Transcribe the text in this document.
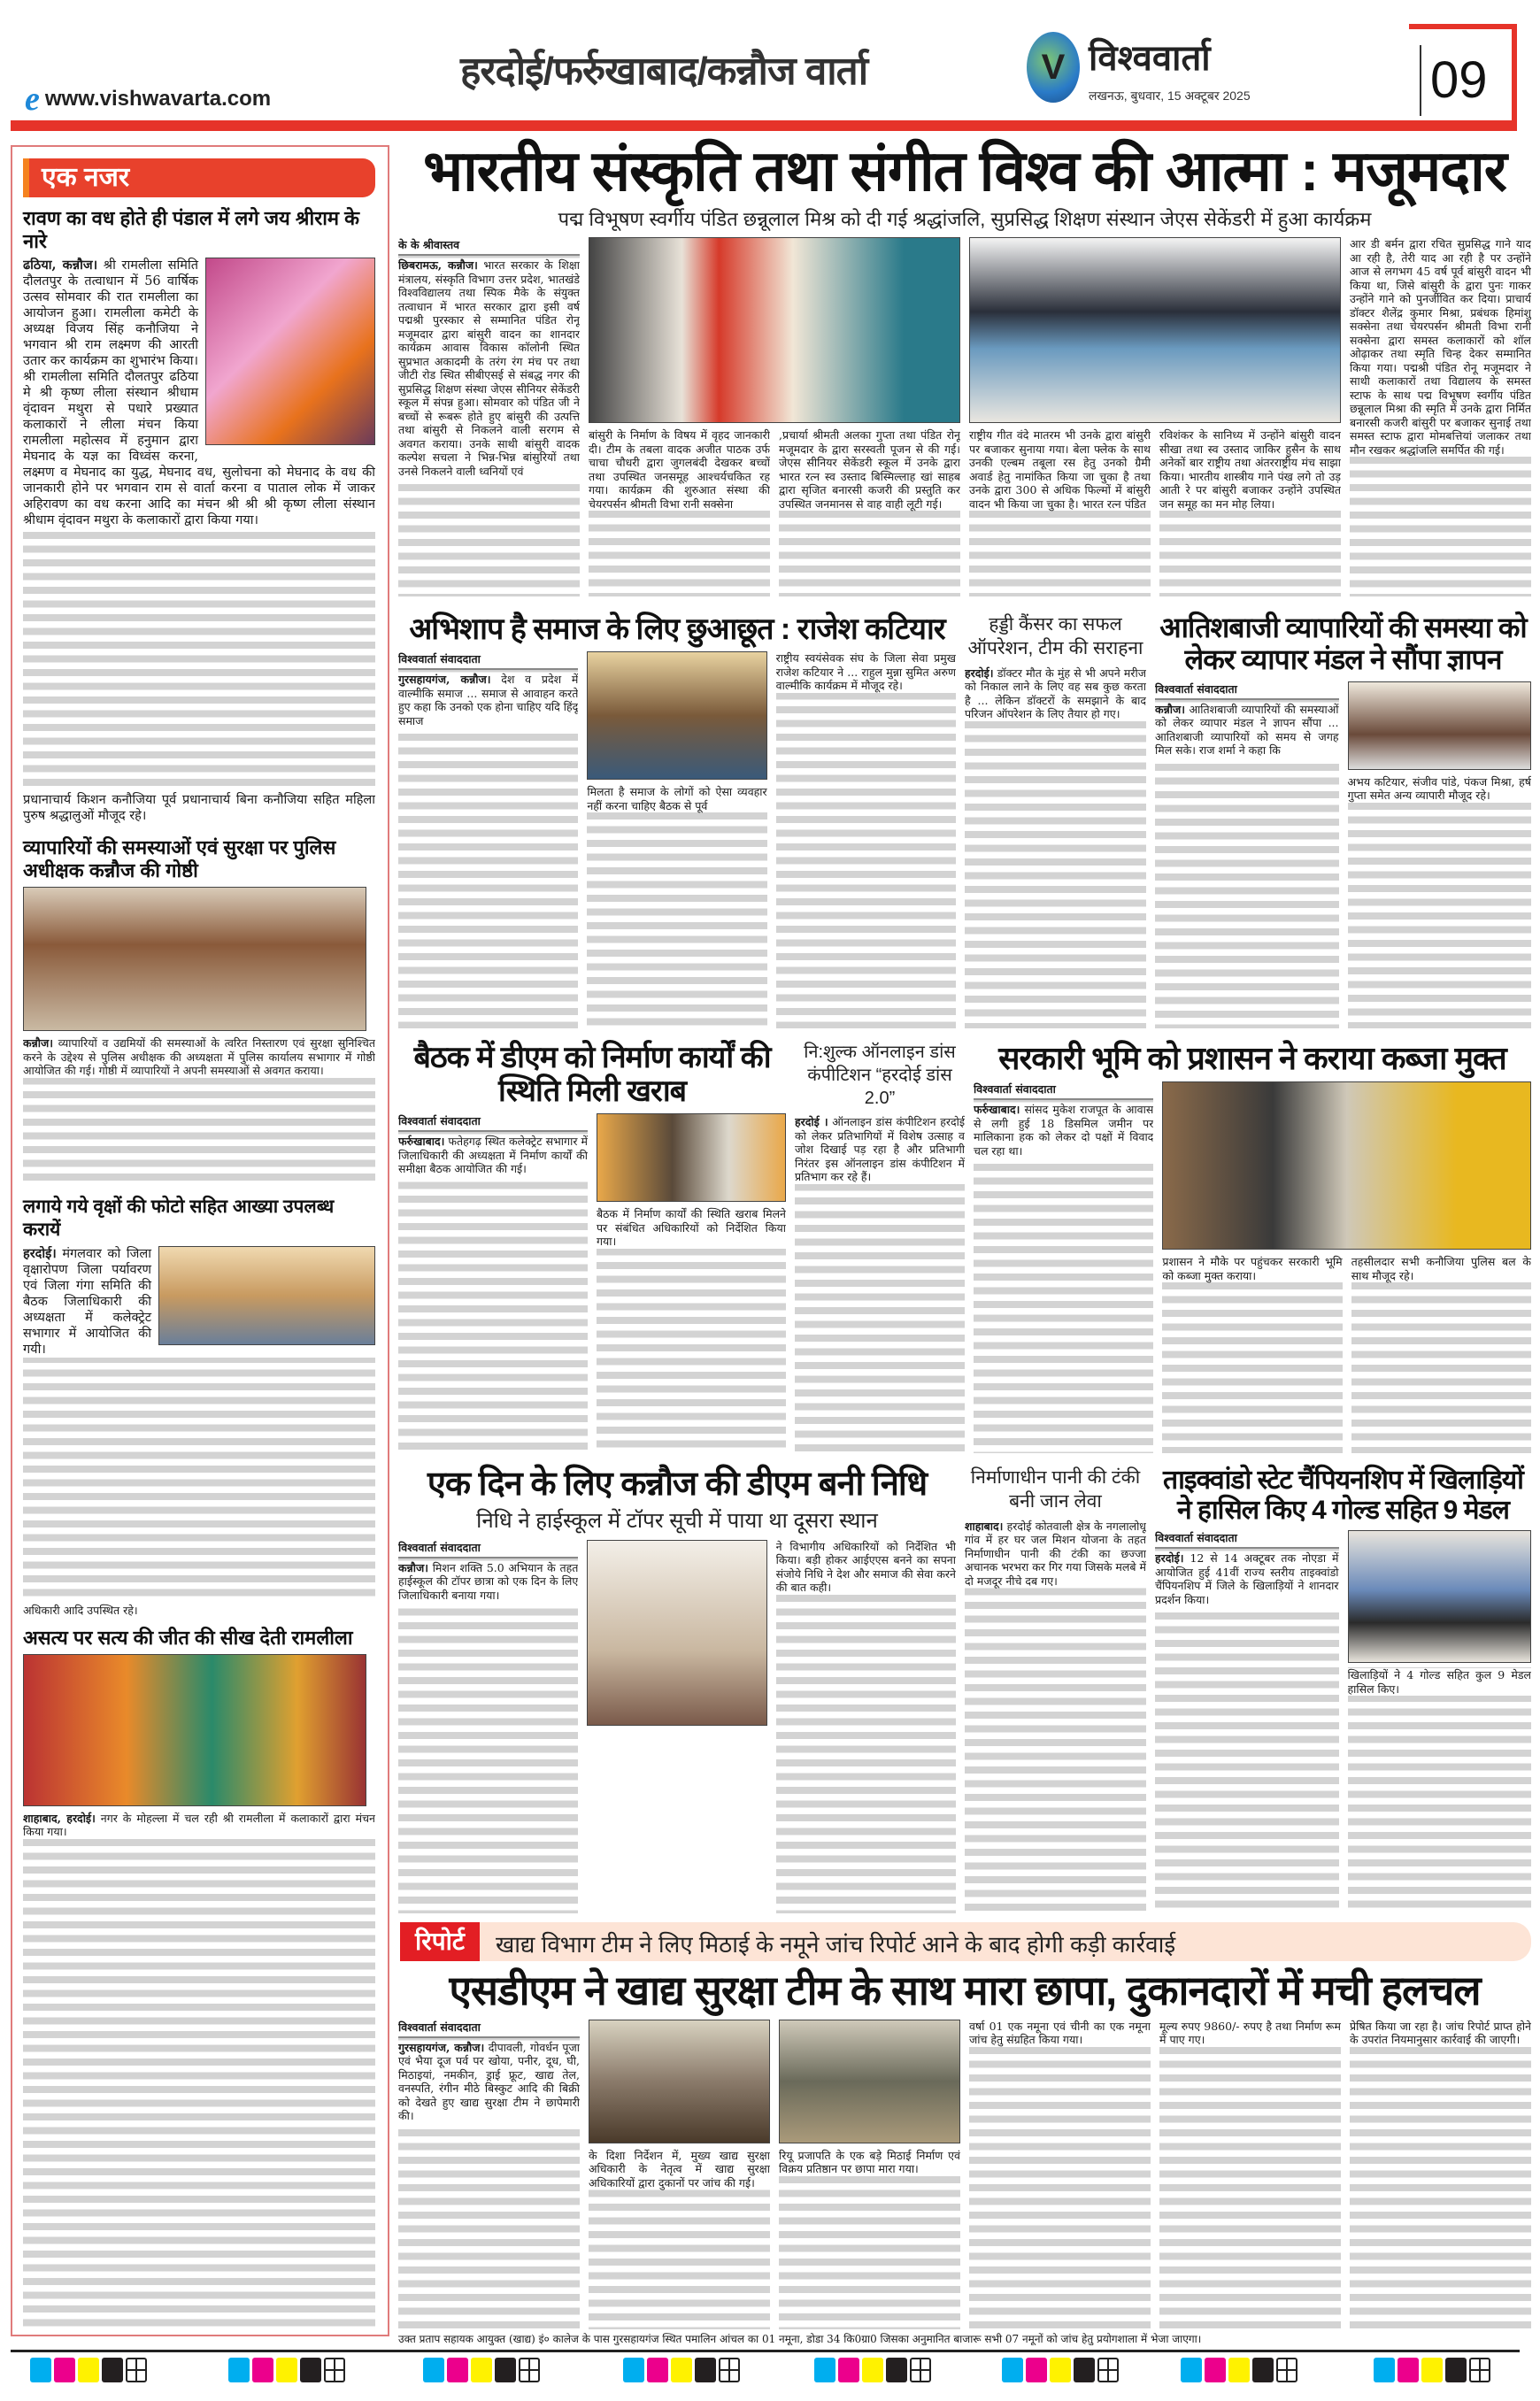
e www.vishwavarta.com
हरदोई/फर्रुखाबाद/कन्नौज वार्ता	V विश्ववार्ता
लखनऊ, बुधवार, 15 अक्टूबर 2025	09
एक नजर
रावण का वध होते ही पंडाल में लगे जय श्रीराम के नारे

ढठिया, कन्नौज। श्री रामलीला समिति दौलतपुर के तत्वाधान में 56 वार्षिक उत्सव सोमवार की रात रामलीला का आयोजन हुआ। रामलीला कमेटी के अध्यक्ष विजय सिंह कनौजिया ने भगवान श्री राम लक्ष्मण की आरती उतार कर कार्यक्रम का शुभारंभ किया। श्री रामलीला समिति दौलतपुर ढठिया मे श्री कृष्ण लीला संस्थान श्रीधाम वृंदावन मथुरा से पधारे प्रख्यात कलाकारों ने लीला मंचन किया रामलीला महोत्सव में हनुमान द्वारा मेघनाद के यज्ञ का विध्वंस करना, लक्ष्मण व मेघनाद का युद्ध, मेघनाद वध, सुलोचना को मेघनाद के वध की जानकारी होने पर भगवान राम से वार्ता करना व पाताल लोक में जाकर अहिरावण का वध करना आदि का मंचन श्री श्री श्री कृष्ण लीला संस्थान श्रीधाम वृंदावन मथुरा के कलाकारों द्वारा किया गया।

प्रधानाचार्य किशन कनौजिया पूर्व प्रधानाचार्य बिना कनौजिया सहित महिला पुरुष श्रद्धालुओं मौजूद रहे।
व्यापारियों की समस्याओं एवं सुरक्षा पर पुलिस अधीक्षक कन्नौज की गोष्ठी

कन्नौज। व्यापारियों व उद्यमियों की समस्याओं के त्वरित निस्तारण एवं सुरक्षा सुनिश्चित करने के उद्देश्य से पुलिस अधीक्षक की अध्यक्षता में पुलिस कार्यालय सभागार में गोष्ठी आयोजित की गई। गोष्ठी में व्यापारियों ने अपनी समस्याओं से अवगत कराया।

लगाये गये वृक्षों की फोटो सहित आख्या उपलब्ध करायें

हरदोई। मंगलवार को जिला वृक्षारोपण जिला पर्यावरण एवं जिला गंगा समिति की बैठक जिलाधिकारी की अध्यक्षता में कलेक्ट्रेट सभागार में आयोजित की गयी।

अधिकारी आदि उपस्थित रहे।
असत्य पर सत्य की जीत की सीख देती रामलीला

शाहाबाद, हरदोई। नगर के मोहल्ला में चल रही श्री रामलीला में कलाकारों द्वारा मंचन किया गया।

भारतीय संस्कृति तथा संगीत विश्व की आत्मा : मजूमदार
पद्म विभूषण स्वर्गीय पंडित छन्नूलाल मिश्र को दी गई श्रद्धांजलि, सुप्रसिद्ध शिक्षण संस्थान जेएस सेकेंडरी में हुआ कार्यक्रम
के के श्रीवास्तव

छिबरामऊ, कन्नौज। भारत सरकार के शिक्षा मंत्रालय, संस्कृति विभाग उत्तर प्रदेश, भातखंडे विश्वविद्यालय तथा स्पिक मैके के संयुक्त तत्वाधान में भारत सरकार द्वारा इसी वर्ष पद्मश्री पुरस्कार से सम्मानित पंडित रोनू मजूमदार द्वारा बांसुरी वादन का शानदार कार्यक्रम आवास विकास कॉलोनी स्थित सुप्रभात अकादमी के तरंग रंग मंच पर तथा जीटी रोड स्थित सीबीएसई से संबद्ध नगर की सुप्रसिद्ध शिक्षण संस्था जेएस सीनियर सेकेंडरी स्कूल में संपन्न हुआ। सोमवार को पंडित जी ने बच्चों से रूबरू होते हुए बांसुरी की उत्पत्ति तथा बांसुरी से निकलने वाली सरगम से अवगत कराया। उनके साथी बांसुरी वादक कल्पेश सचला ने भिन्न-भिन्न बांसुरियों तथा उनसे निकलने वाली ध्वनियों एवं

बांसुरी के निर्माण के विषय में वृहद जानकारी दी। टीम के तबला वादक अजीत पाठक उर्फ चाचा चौधरी द्वारा जुगलबंदी देखकर बच्चों तथा उपस्थित जनसमूह आश्चर्यचकित रह गया। कार्यक्रम की शुरुआत संस्था की चेयरपर्सन श्रीमती विभा रानी सक्सेना

,प्रचार्या श्रीमती अलका गुप्ता तथा पंडित रोनू मजूमदार के द्वारा सरस्वती पूजन से की गई। जेएस सीनियर सेकेंडरी स्कूल में उनके द्वारा भारत रत्न स्व उस्ताद बिस्मिल्लाह खां साहब द्वारा सृजित बनारसी कजरी की प्रस्तुति कर उपस्थित जनमानस से वाह वाही लूटी गई।

राष्ट्रीय गीत वंदे मातरम भी उनके द्वारा बांसुरी पर बजाकर सुनाया गया। बेला फ्लेक के साथ उनकी एल्बम तबूला रस हेतु उनको ग्रैमी अवार्ड हेतु नामांकित किया जा चुका है तथा उनके द्वारा 300 से अधिक फिल्मों में बांसुरी वादन भी किया जा चुका है। भारत रत्न पंडित

रविशंकर के सानिध्य में उन्होंने बांसुरी वादन सीखा तथा स्व उस्ताद जाकिर हुसैन के साथ अनेकों बार राष्ट्रीय तथा अंतरराष्ट्रीय मंच साझा किया। भारतीय शास्त्रीय गाने पंख लगे तो उड़ आती रे पर बांसुरी बजाकर उन्होंने उपस्थित जन समूह का मन मोह लिया।

आर डी बर्मन द्वारा रचित सुप्रसिद्ध गाने याद आ रही है, तेरी याद आ रही है पर उन्होंने आज से लगभग 45 वर्ष पूर्व बांसुरी वादन भी किया था, जिसे बांसुरी के द्वारा पुनः गाकर उन्होंने गाने को पुनर्जीवित कर दिया। प्राचार्य डॉक्टर शैलेंद्र कुमार मिश्रा, प्रबंधक हिमांशु सक्सेना तथा चेयरपर्सन श्रीमती विभा रानी सक्सेना द्वारा समस्त कलाकारों को शॉल ओढ़ाकर तथा स्मृति चिन्ह देकर सम्मानित किया गया। पद्मश्री पंडित रोनू मजूमदार ने साथी कलाकारों तथा विद्यालय के समस्त स्टाफ के साथ पद्म विभूषण स्वर्गीय पंडित छन्नूलाल मिश्रा की स्मृति में उनके द्वारा निर्मित बनारसी कजरी बांसुरी पर बजाकर सुनाई तथा समस्त स्टाफ द्वारा मोमबत्तियां जलाकर तथा मौन रखकर श्रद्धांजलि समर्पित की गई।

अभिशाप है समाज के लिए छुआछूत : राजेश कटियार
विश्ववार्ता संवाददाता

गुरसहायगंज, कन्नौज। देश व प्रदेश में वाल्मीकि समाज ... समाज से आवाहन करते हुए कहा कि उनको एक होना चाहिए यदि हिंदू समाज

मिलता है समाज के लोगों को ऐसा व्यवहार नहीं करना चाहिए बैठक से पूर्व

राष्ट्रीय स्वयंसेवक संघ के जिला सेवा प्रमुख राजेश कटियार ने ... राहुल मुन्ना सुमित अरुण वाल्मीकि कार्यक्रम में मौजूद रहे।

हड्डी कैंसर का सफल ऑपरेशन, टीम की सराहना

हरदोई। डॉक्टर मौत के मुंह से भी अपने मरीज को निकाल लाने के लिए वह सब कुछ करता है ... लेकिन डॉक्टरों के समझाने के बाद परिजन ऑपरेशन के लिए तैयार हो गए।

आतिशबाजी व्यापारियों की समस्या को लेकर व्यापार मंडल ने सौंपा ज्ञापन
विश्ववार्ता संवाददाता

कन्नौज। आतिशबाजी व्यापारियों की समस्याओं को लेकर व्यापार मंडल ने ज्ञापन सौंपा ... आतिशबाजी व्यापारियों को समय से जगह मिल सके। राज शर्मा ने कहा कि

अभय कटियार, संजीव पांडे, पंकज मिश्रा, हर्ष गुप्ता समेत अन्य व्यापारी मौजूद रहे।

बैठक में डीएम को निर्माण कार्यों की स्थिति मिली खराब
विश्ववार्ता संवाददाता

फर्रुखाबाद। फतेहगढ़ स्थित कलेक्ट्रेट सभागार में जिलाधिकारी की अध्यक्षता में निर्माण कार्यों की समीक्षा बैठक आयोजित की गई।

बैठक में निर्माण कार्यों की स्थिति खराब मिलने पर संबंधित अधिकारियों को निर्देशित किया गया।

नि:शुल्क ऑनलाइन डांस कंपीटिशन “हरदोई डांस 2.0”

हरदोई । ऑनलाइन डांस कंपीटिशन हरदोई को लेकर प्रतिभागियों में विशेष उत्साह व जोश दिखाई पड़ रहा है और प्रतिभागी निरंतर इस ऑनलाइन डांस कंपीटिशन में प्रतिभाग कर रहे हैं।

सरकारी भूमि को प्रशासन ने कराया कब्जा मुक्त
विश्ववार्ता संवाददाता

फर्रुखाबाद। सांसद मुकेश राजपूत के आवास से लगी हुई 18 डिसमिल जमीन पर मालिकाना हक को लेकर दो पक्षों में विवाद चल रहा था।

प्रशासन ने मौके पर पहुंचकर सरकारी भूमि को कब्जा मुक्त कराया।

तहसीलदार सभी कनौजिया पुलिस बल के साथ मौजूद रहे।

एक दिन के लिए कन्नौज की डीएम बनी निधि
निधि ने हाईस्कूल में टॉपर सूची में पाया था दूसरा स्थान
विश्ववार्ता संवाददाता

कन्नौज। मिशन शक्ति 5.0 अभियान के तहत हाईस्कूल की टॉपर छात्रा को एक दिन के लिए जिलाधिकारी बनाया गया।

ने विभागीय अधिकारियों को निर्देशित भी किया। बड़ी होकर आईएएस बनने का सपना संजोये निधि ने देश और समाज की सेवा करने की बात कही।

निर्माणाधीन पानी की टंकी बनी जान लेवा

शाहाबाद। हरदोई कोतवाली क्षेत्र के नगलालोधू गांव में हर घर जल मिशन योजना के तहत निर्माणाधीन पानी की टंकी का छज्जा अचानक भरभरा कर गिर गया जिसके मलबे में दो मजदूर नीचे दब गए।

ताइक्वांडो स्टेट चैंपियनशिप में खिलाड़ियों ने हासिल किए 4 गोल्ड सहित 9 मेडल
विश्ववार्ता संवाददाता

हरदोई। 12 से 14 अक्टूबर तक नोएडा में आयोजित हुई 41वीं राज्य स्तरीय ताइक्वांडो चैंपियनशिप में जिले के खिलाड़ियों ने शानदार प्रदर्शन किया।

खिलाड़ियों ने 4 गोल्ड सहित कुल 9 मेडल हासिल किए।

रिपोर्ट	खाद्य विभाग टीम ने लिए मिठाई के नमूने जांच रिपोर्ट आने के बाद होगी कड़ी कार्रवाई
एसडीएम ने खाद्य सुरक्षा टीम के साथ मारा छापा, दुकानदारों में मची हलचल
विश्ववार्ता संवाददाता

गुरसहायगंज, कन्नौज। दीपावली, गोवर्धन पूजा एवं भैया दूज पर्व पर खोया, पनीर, दूध, घी, मिठाइयां, नमकीन, ड्राई फ्रूट, खाद्य तेल, वनस्पति, रंगीन मीठे बिस्कुट आदि की बिक्री को देखते हुए खाद्य सुरक्षा टीम ने छापेमारी की।

के दिशा निर्देशन में, मुख्य खाद्य सुरक्षा अधिकारी के नेतृत्व में खाद्य सुरक्षा अधिकारियों द्वारा दुकानों पर जांच की गई।

रियू प्रजापति के एक बड़े मिठाई निर्माण एवं विक्रय प्रतिष्ठान पर छापा मारा गया।

वर्षा 01 एक नमूना एवं चीनी का एक नमूना जांच हेतु संग्रहित किया गया।

मूल्य रुपए 9860/- रुपए है तथा निर्माण रूम में पाए गए।

प्रेषित किया जा रहा है। जांच रिपोर्ट प्राप्त होने के उपरांत नियमानुसार कार्रवाई की जाएगी।

उक्त प्रताप सहायक आयुक्त (खाद्य) इं० कालेज के पास गुरसहायगंज स्थित पमालिन आंचल का 01 नमूना, डोडा 34 कि0ग्रा0 जिसका अनुमानित बाजारू सभी 07 नमूनों को जांच हेतु प्रयोगशाला में भेजा जाएगा।
